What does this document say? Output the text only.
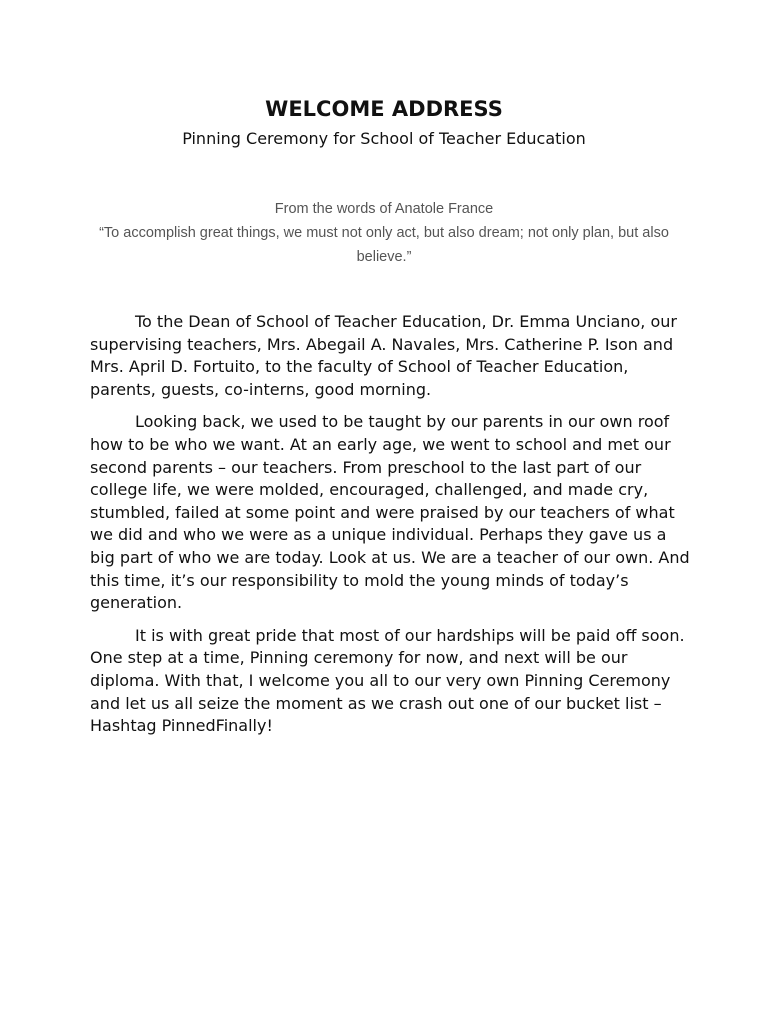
WELCOME ADDRESS
Pinning Ceremony for School of Teacher Education

From the words of Anatole France

“To accomplish great things, we must not only act, but also dream; not only plan, but also believe.”

To the Dean of School of Teacher Education, Dr. Emma Unciano, our supervising teachers, Mrs. Abegail A. Navales, Mrs. Catherine P. Ison and Mrs. April D. Fortuito, to the faculty of School of Teacher Education, parents, guests, co-interns, good morning.

Looking back, we used to be taught by our parents in our own roof how to be who we want. At an early age, we went to school and met our second parents – our teachers. From preschool to the last part of our college life, we were molded, encouraged, challenged, and made cry, stumbled, failed at some point and were praised by our teachers of what we did and who we were as a unique individual. Perhaps they gave us a big part of who we are today. Look at us. We are a teacher of our own. And this time, it’s our responsibility to mold the young minds of today’s generation.

It is with great pride that most of our hardships will be paid off soon. One step at a time, Pinning ceremony for now, and next will be our diploma. With that, I welcome you all to our very own Pinning Ceremony and let us all seize the moment as we crash out one of our bucket list – Hashtag PinnedFinally!
